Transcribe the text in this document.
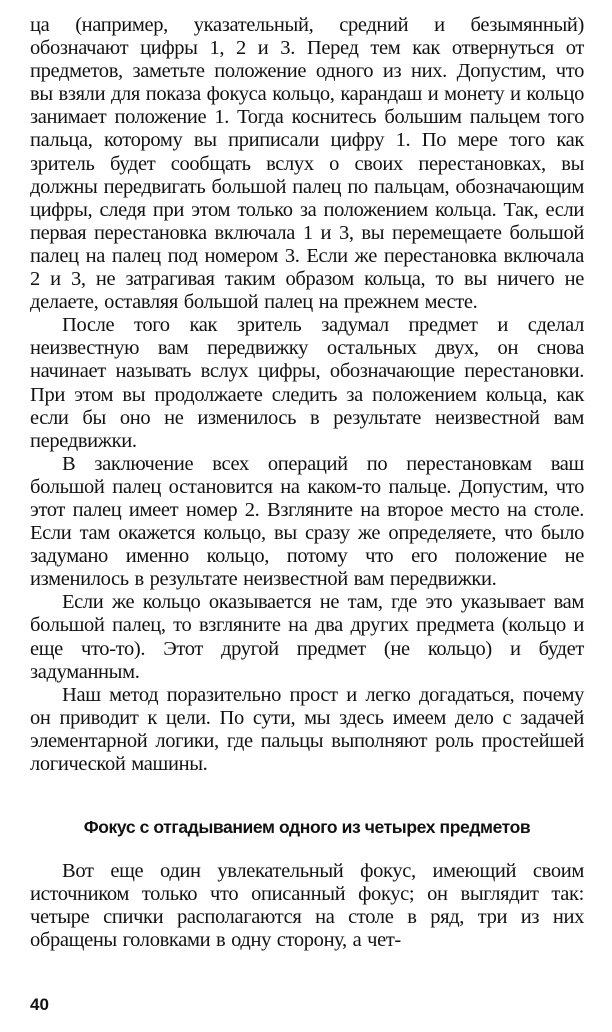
ца (например, указательный, средний и безымянный) обозначают цифры 1, 2 и 3. Перед тем как отвернуться от предметов, заметьте положение одного из них. Допустим, что вы взяли для показа фокуса кольцо, карандаш и монету и кольцо занимает положение 1. Тогда коснитесь большим пальцем того пальца, которому вы приписали цифру 1. По мере того как зритель будет сообщать вслух о своих перестановках, вы должны передвигать большой палец по пальцам, обозначающим цифры, следя при этом только за положением кольца. Так, если первая перестановка включала 1 и 3, вы перемещаете большой палец на палец под номером 3. Если же перестановка включала 2 и 3, не затрагивая таким образом кольца, то вы ничего не делаете, оставляя большой палец на прежнем месте.

После того как зритель задумал предмет и сделал неизвестную вам передвижку остальных двух, он снова начинает называть вслух цифры, обозначающие перестановки. При этом вы продолжаете следить за положением кольца, как если бы оно не изменилось в результате неизвестной вам передвижки.

В заключение всех операций по перестановкам ваш большой палец остановится на каком-то пальце. Допустим, что этот палец имеет номер 2. Взгляните на второе место на столе. Если там окажется кольцо, вы сразу же определяете, что было задумано именно кольцо, потому что его положение не изменилось в результате неизвестной вам передвижки.

Если же кольцо оказывается не там, где это указывает вам большой палец, то взгляните на два других предмета (кольцо и еще что-то). Этот другой предмет (не кольцо) и будет задуманным.

Наш метод поразительно прост и легко догадаться, почему он приводит к цели. По сути, мы здесь имеем дело с задачей элементарной логики, где пальцы выполняют роль простейшей логической машины.

Фокус с отгадыванием одного из четырех предметов

Вот еще один увлекательный фокус, имеющий своим источником только что описанный фокус; он выглядит так: четыре спички располагаются на столе в ряд, три из них обращены головками в одну сторону, а чет-

40
